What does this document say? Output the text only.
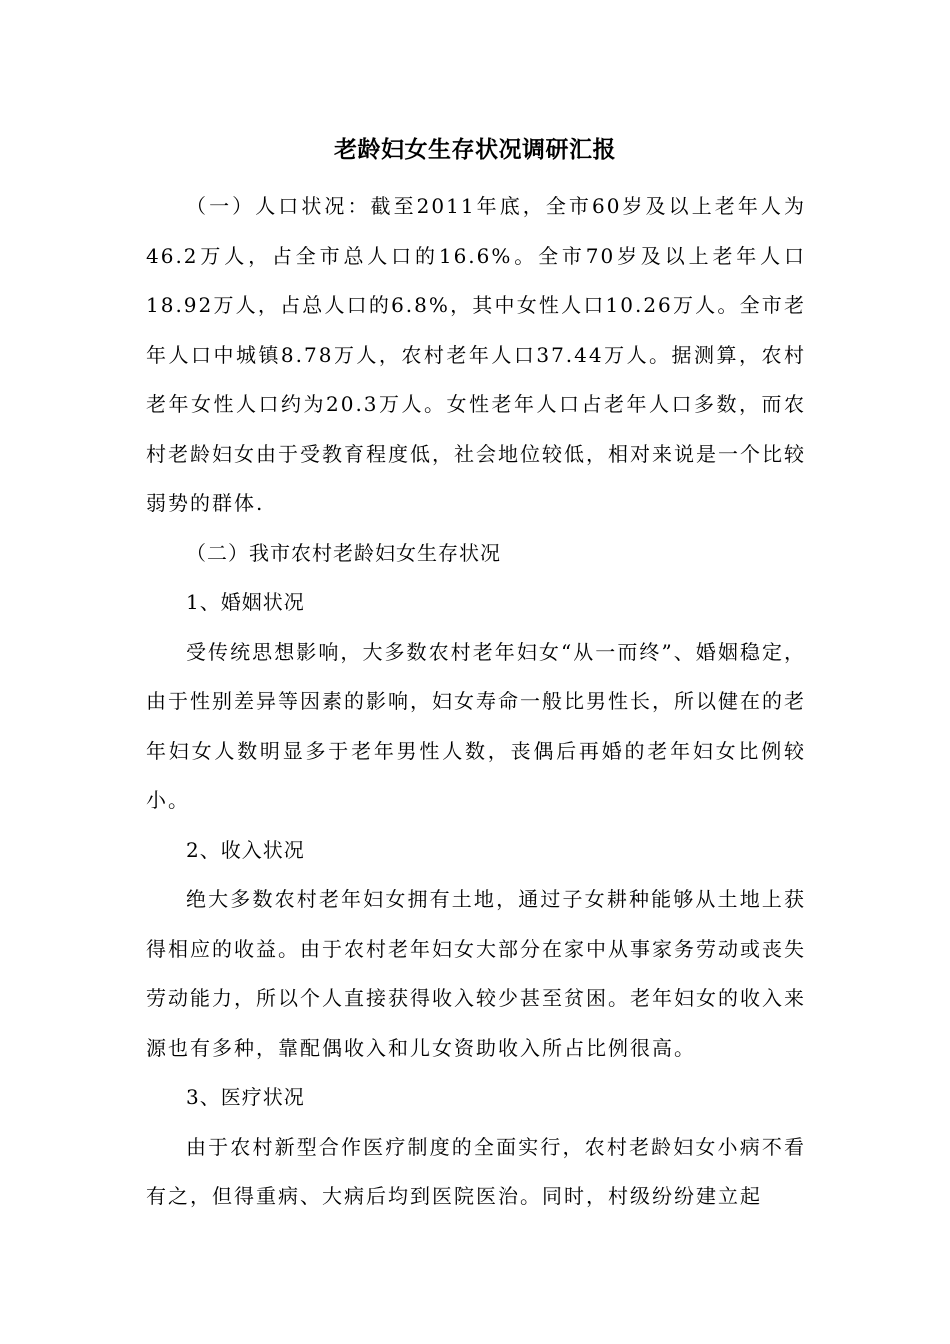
老龄妇女生存状况调研汇报

（一）人口状况：截至2011年底，全市60岁及以上老年人为46.2万人，占全市总人口的16.6%。全市70岁及以上老年人口18.92万人，占总人口的6.8%，其中女性人口10.26万人。全市老年人口中城镇8.78万人，农村老年人口37.44万人。据测算，农村老年女性人口约为20.3万人。女性老年人口占老年人口多数，而农村老龄妇女由于受教育程度低，社会地位较低，相对来说是一个比较弱势的群体.

（二）我市农村老龄妇女生存状况

1、婚姻状况

受传统思想影响，大多数农村老年妇女“从一而终”、婚姻稳定，由于性别差异等因素的影响，妇女寿命一般比男性长，所以健在的老年妇女人数明显多于老年男性人数，丧偶后再婚的老年妇女比例较小。

2、收入状况

绝大多数农村老年妇女拥有土地，通过子女耕种能够从土地上获得相应的收益。由于农村老年妇女大部分在家中从事家务劳动或丧失劳动能力，所以个人直接获得收入较少甚至贫困。老年妇女的收入来源也有多种，靠配偶收入和儿女资助收入所占比例很高。

3、医疗状况

由于农村新型合作医疗制度的全面实行，农村老龄妇女小病不看有之，但得重病、大病后均到医院医治。同时，村级纷纷建立起
